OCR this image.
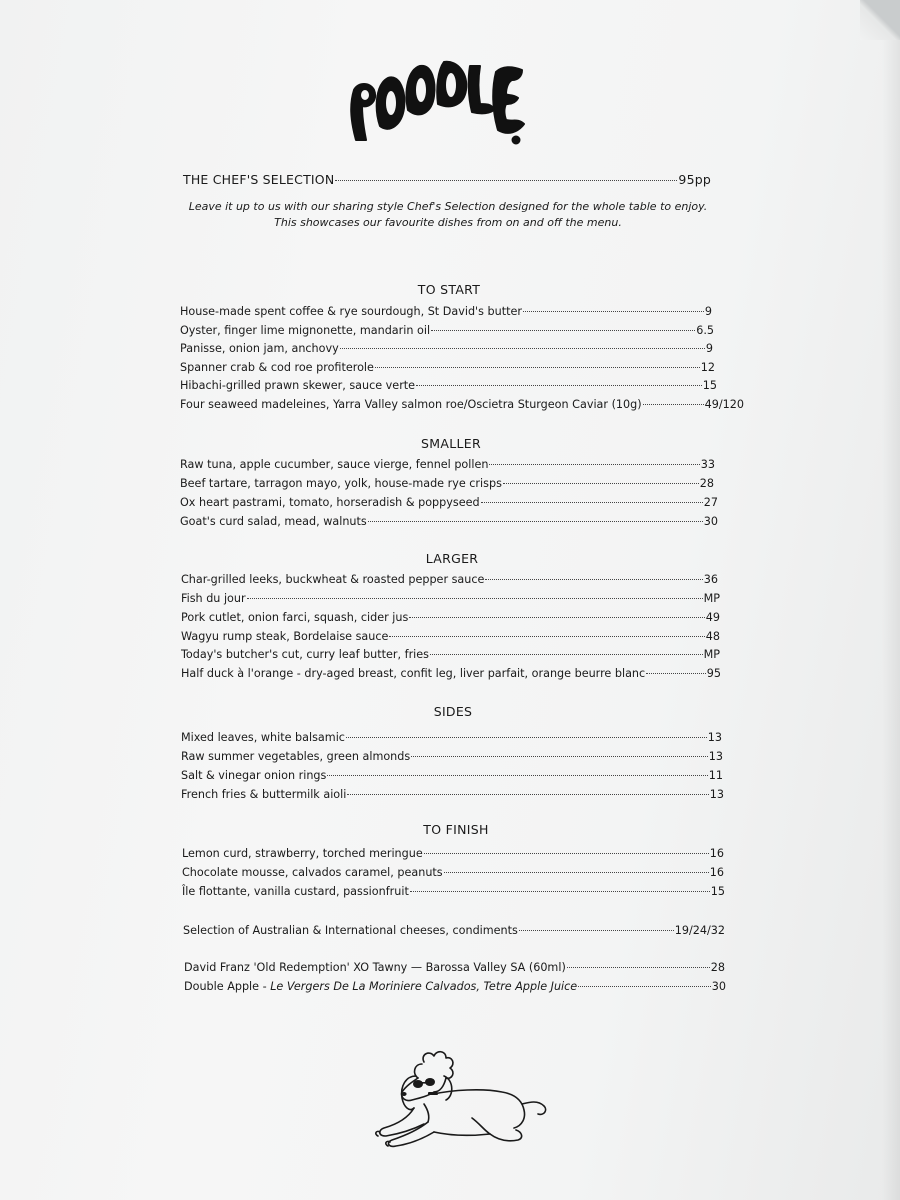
THE CHEF'S SELECTION	95pp
Leave it up to us with our sharing style Chef's Selection designed for the whole table to enjoy.
This showcases our favourite dishes from on and off the menu.
TO START
House-made spent coffee & rye sourdough, St David's butter	9
Oyster, finger lime mignonette, mandarin oil	6.5
Panisse, onion jam, anchovy	9
Spanner crab & cod roe profiterole	12
Hibachi-grilled prawn skewer, sauce verte	15
Four seaweed madeleines, Yarra Valley salmon roe/Oscietra Sturgeon Caviar (10g)	49/120
SMALLER
Raw tuna, apple cucumber, sauce vierge, fennel pollen	33
Beef tartare, tarragon mayo, yolk, house-made rye crisps	28
Ox heart pastrami, tomato, horseradish & poppyseed	27
Goat's curd salad, mead, walnuts	30
LARGER
Char-grilled leeks, buckwheat & roasted pepper sauce	36
Fish du jour	MP
Pork cutlet, onion farci, squash, cider jus	49
Wagyu rump steak, Bordelaise sauce	48
Today's butcher's cut, curry leaf butter, fries	MP
Half duck à l'orange - dry-aged breast, confit leg, liver parfait, orange beurre blanc	95
SIDES
Mixed leaves, white balsamic	13
Raw summer vegetables, green almonds	13
Salt & vinegar onion rings	11
French fries & buttermilk aioli	13
TO FINISH
Lemon curd, strawberry, torched meringue	16
Chocolate mousse, calvados caramel, peanuts	16
Île flottante, vanilla custard, passionfruit	15
Selection of Australian & International cheeses, condiments	19/24/32
David Franz 'Old Redemption' XO Tawny — Barossa Valley SA (60ml)	28
Double Apple - Le Vergers De La Moriniere Calvados, Tetre Apple Juice	30
